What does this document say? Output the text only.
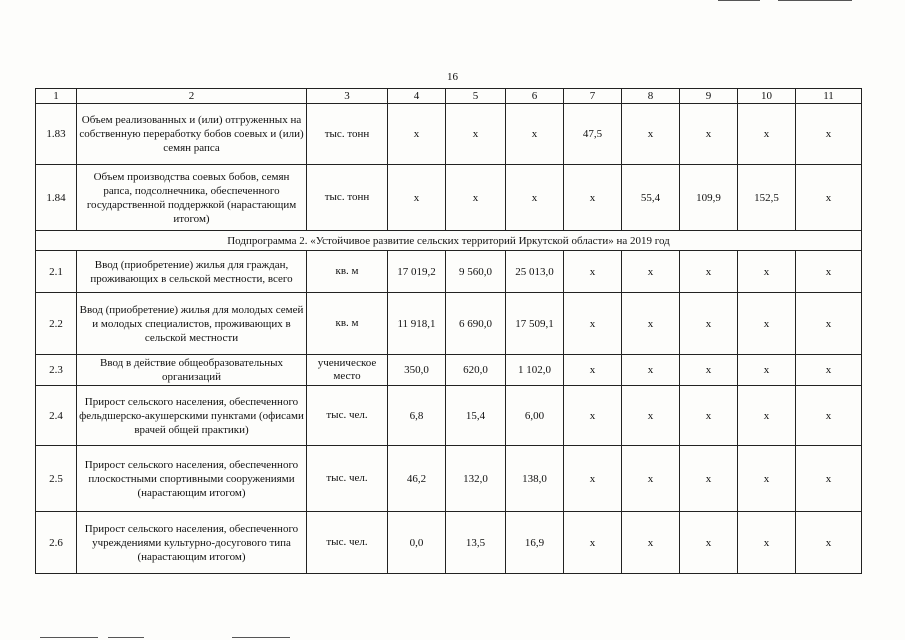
16
1	2	3	4	5	6	7	8	9	10	11
1.83	Объем реализованных и (или) отгруженных на собственную переработку бобов соевых и (или) семян рапса	тыс. тонн	х	х	х	47,5	х	х	х	х
1.84	Объем производства соевых бобов, семян рапса, подсолнечника, обеспеченного государственной поддержкой (нарастающим итогом)	тыс. тонн	х	х	х	х	55,4	109,9	152,5	х
Подпрограмма 2. «Устойчивое развитие сельских территорий Иркутской области» на 2019 год										
2.1	Ввод (приобретение) жилья для граждан, проживающих в сельской местности, всего	кв. м	17 019,2	9 560,0	25 013,0	х	х	х	х	х
2.2	Ввод (приобретение) жилья для молодых семей и молодых специалистов, проживающих в сельской местности	кв. м	11 918,1	6 690,0	17 509,1	х	х	х	х	х
2.3	Ввод в действие общеобразовательных организаций	ученическое место	350,0	620,0	1 102,0	х	х	х	х	х
2.4	Прирост сельского населения, обеспеченного фельдшерско-акушерскими пунктами (офисами врачей общей практики)	тыс. чел.	6,8	15,4	6,00	х	х	х	х	х
2.5	Прирост сельского населения, обеспеченного плоскостными спортивными сооружениями (нарастающим итогом)	тыс. чел.	46,2	132,0	138,0	х	х	х	х	х
2.6	Прирост сельского населения, обеспеченного учреждениями культурно-досугового типа (нарастающим итогом)	тыс. чел.	0,0	13,5	16,9	х	х	х	х	х
